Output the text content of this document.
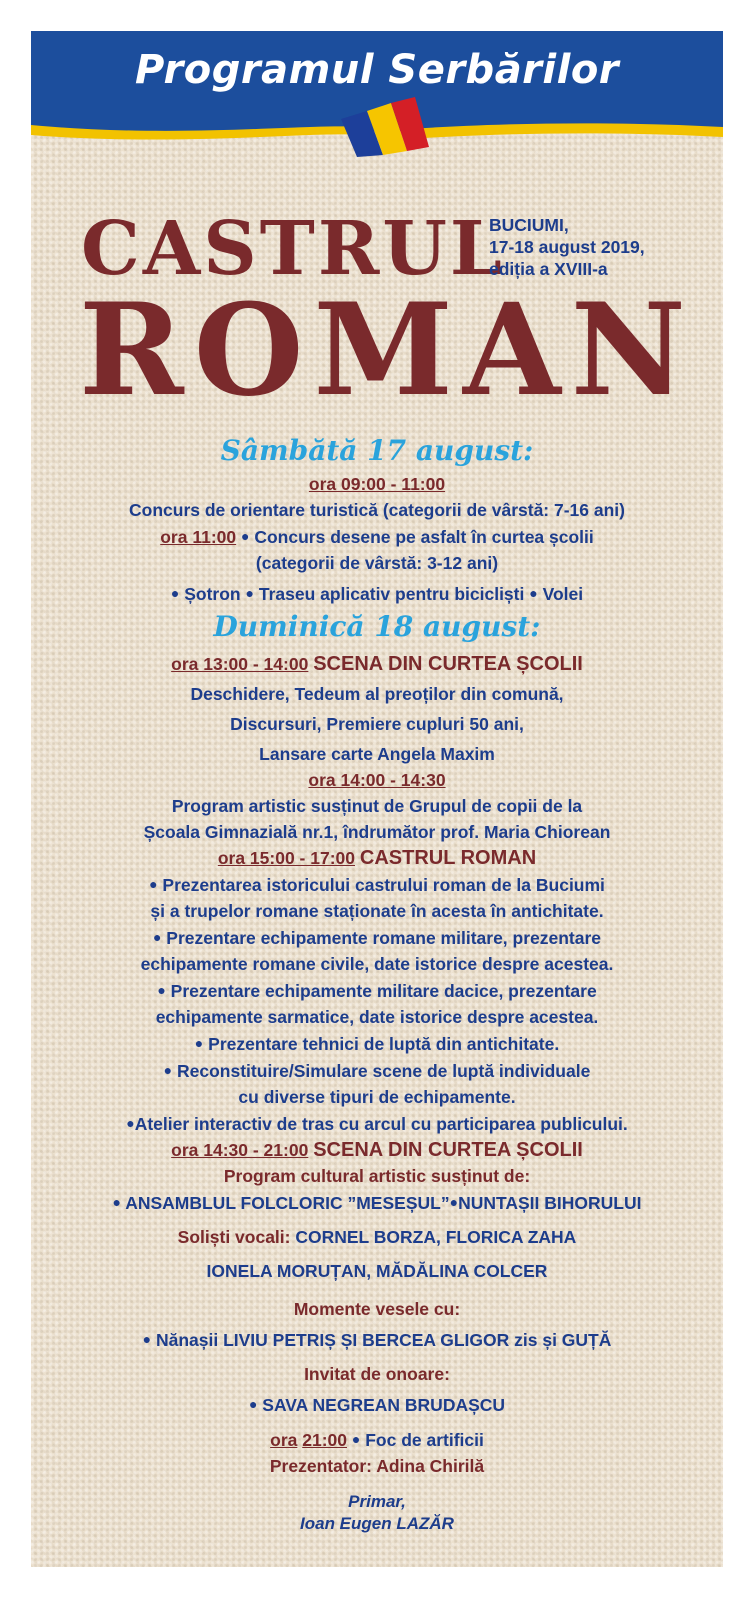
Programul Serbărilor
CASTRUL
ROMAN
BUCIUMI,
17-18 august 2019,
ediția a XVIII-a
Sâmbătă 17 august:
ora 09:00 - 11:00
Concurs de orientare turistică (categorii de vârstă: 7-16 ani)
ora 11:00 ● Concurs desene pe asfalt în curtea școlii
(categorii de vârstă: 3-12 ani)
● Șotron ● Traseu aplicativ pentru bicicliști ● Volei
Duminică 18 august:
ora 13:00 - 14:00 SCENA DIN CURTEA ȘCOLII
Deschidere, Tedeum al preoților din comună,
Discursuri, Premiere cupluri 50 ani,
Lansare carte Angela Maxim
ora 14:00 - 14:30
Program artistic susținut de Grupul de copii de la
Școala Gimnazială nr.1, îndrumător prof. Maria Chiorean
ora 15:00 - 17:00 CASTRUL ROMAN
● Prezentarea istoricului castrului roman de la Buciumi
și a trupelor romane staționate în acesta în antichitate.
● Prezentare echipamente romane militare, prezentare
echipamente romane civile, date istorice despre acestea.
● Prezentare echipamente militare dacice, prezentare
echipamente sarmatice, date istorice despre acestea.
● Prezentare tehnici de luptă din antichitate.
● Reconstituire/Simulare scene de luptă individuale
cu diverse tipuri de echipamente.
●Atelier interactiv de tras cu arcul cu participarea publicului.
ora 14:30 - 21:00 SCENA DIN CURTEA ȘCOLII
Program cultural artistic susținut de:
● ANSAMBLUL FOLCLORIC ”MESEȘUL”●NUNTAȘII BIHORULUI
Soliști vocali: CORNEL BORZA, FLORICA ZAHA
IONELA MORUȚAN, MĂDĂLINA COLCER
Momente vesele cu:
● Nănașii LIVIU PETRIȘ ȘI BERCEA GLIGOR zis și GUȚĂ
Invitat de onoare:
● SAVA NEGREAN BRUDAȘCU
ora 21:00 ● Foc de artificii
Prezentator: Adina Chirilă
Primar,
Ioan Eugen LAZĂR
